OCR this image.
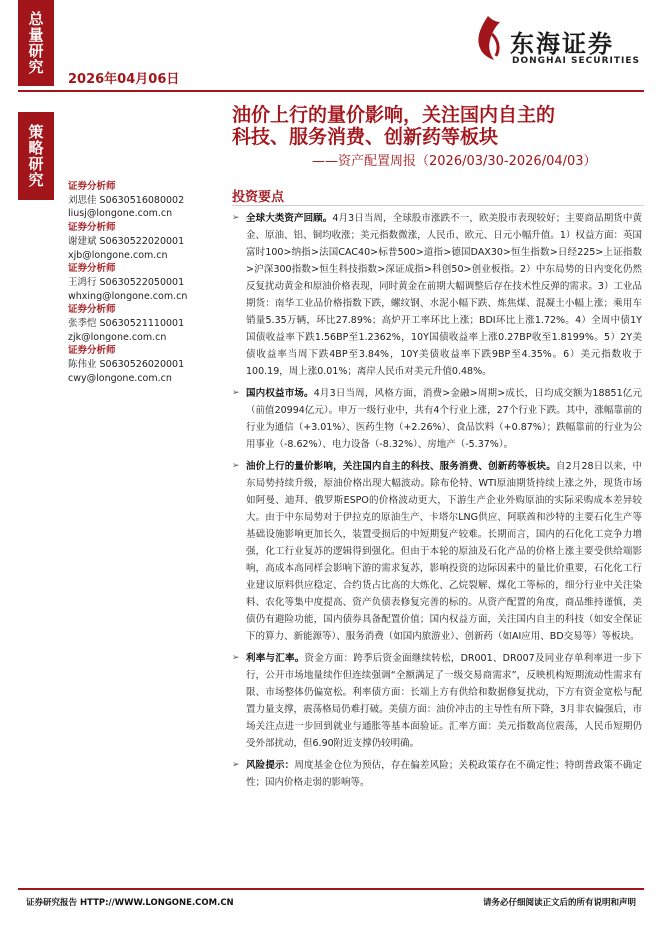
总量研究
策略研究
2026年04月06日
东海证券
DONGHAI SECURITIES
油价上行的量价影响，关注国内自主的
科技、服务消费、创新药等板块
——资产配置周报（2026/03/30-2026/04/03）
投资要点
证券分析师
刘思佳 S0630516080002
liusj@longone.com.cn
证券分析师
谢建斌 S0630522020001
xjb@longone.com.cn
证券分析师
王鸿行 S0630522050001
whxing@longone.com.cn
证券分析师
张季恺 S0630521110001
zjk@longone.com.cn
证券分析师
陈伟业 S0630526020001
cwy@longone.com.cn
➢ 全球大类资产回顾。4月3日当周，全球股市涨跌不一，欧美股市表现较好；主要商品期货中黄金、原油、铝、铜均收涨；美元指数微涨，人民币、欧元、日元小幅升值。1）权益方面：英国富时100>纳指>法国CAC40>标普500>道指>德国DAX30>恒生指数>日经225>上证指数>沪深300指数>恒生科技指数>深证成指>科创50>创业板指。2）中东局势的日内变化仍然反复扰动黄金和原油价格表现，同时黄金在前期大幅调整后存在技术性反弹的需求。3）工业品期货：南华工业品价格指数下跌，螺纹钢、水泥小幅下跌、炼焦煤、混凝土小幅上涨；乘用车销量5.35万辆，环比27.89%；高炉开工率环比上涨；BDI环比上涨1.72%。4）全周中债1Y国债收益率下跌1.56BP至1.2362%，10Y国债收益率上涨0.27BP收至1.8199%。5）2Y美债收益率当周下跌4BP至3.84%，10Y美债收益率下跌9BP至4.35%。6）美元指数收于100.19，周上涨0.01%；离岸人民币对美元升值0.48%。
➢ 国内权益市场。4月3日当周，风格方面，消费>金融>周期>成长，日均成交额为18851亿元（前值20994亿元）。申万一级行业中，共有4个行业上涨，27个行业下跌。其中，涨幅靠前的行业为通信（+3.01%）、医药生物（+2.26%）、食品饮料（+0.87%）；跌幅靠前的行业为公用事业（-8.62%）、电力设备（-8.32%）、房地产（-5.37%）。
➢ 油价上行的量价影响，关注国内自主的科技、服务消费、创新药等板块。自2月28日以来，中东局势持续升级，原油价格出现大幅波动。除布伦特、WTI原油期货持续上涨之外，现货市场如阿曼、迪拜、俄罗斯ESPO的价格波动更大，下游生产企业外购原油的实际采购成本差异较大。由于中东局势对于伊拉克的原油生产、卡塔尔LNG供应、阿联酋和沙特的主要石化生产等基础设施影响更加长久，装置受损后的中短期复产较难。长期而言，国内的石化化工竞争力增强，化工行业复苏的逻辑得到强化。但由于本轮的原油及石化产品的价格上涨主要受供给端影响，高成本高同样会影响下游的需求复苏，影响投资的边际因素中的量比价重要，石化化工行业建议原料供应稳定、合约货占比高的大炼化、乙烷裂解、煤化工等标的，细分行业中关注染料、农化等集中度提高、资产负债表修复完善的标的。从资产配置的角度，商品维持谨慎，美债仍有避险功能，国内债券具备配置价值；国内权益方面，关注国内自主的科技（如安全保证下的算力、新能源等）、服务消费（如国内旅游业）、创新药（如AI应用、BD交易等）等板块。
➢ 利率与汇率。资金方面：跨季后资金面继续转松，DR001、DR007及同业存单利率进一步下行，公开市场地量续作但连续强调“全额满足了一级交易商需求”，反映机构短期流动性需求有限、市场整体仍偏宽松。利率债方面：长端上方有供给和数据修复扰动，下方有资金宽松与配置力量支撑，震荡格局仍难打破。美债方面：油价冲击的主导性有所下降，3月非农偏强后，市场关注点进一步回到就业与通胀等基本面验证。汇率方面：美元指数高位震荡，人民币短期仍受外部扰动，但6.90附近支撑仍较明确。
➢ 风险提示：周度基金仓位为预估，存在偏差风险；关税政策存在不确定性；特朗普政策不确定性；国内价格走弱的影响等。
证券研究报告 HTTP://WWW.LONGONE.COM.CN	请务必仔细阅读正文后的所有说明和声明
